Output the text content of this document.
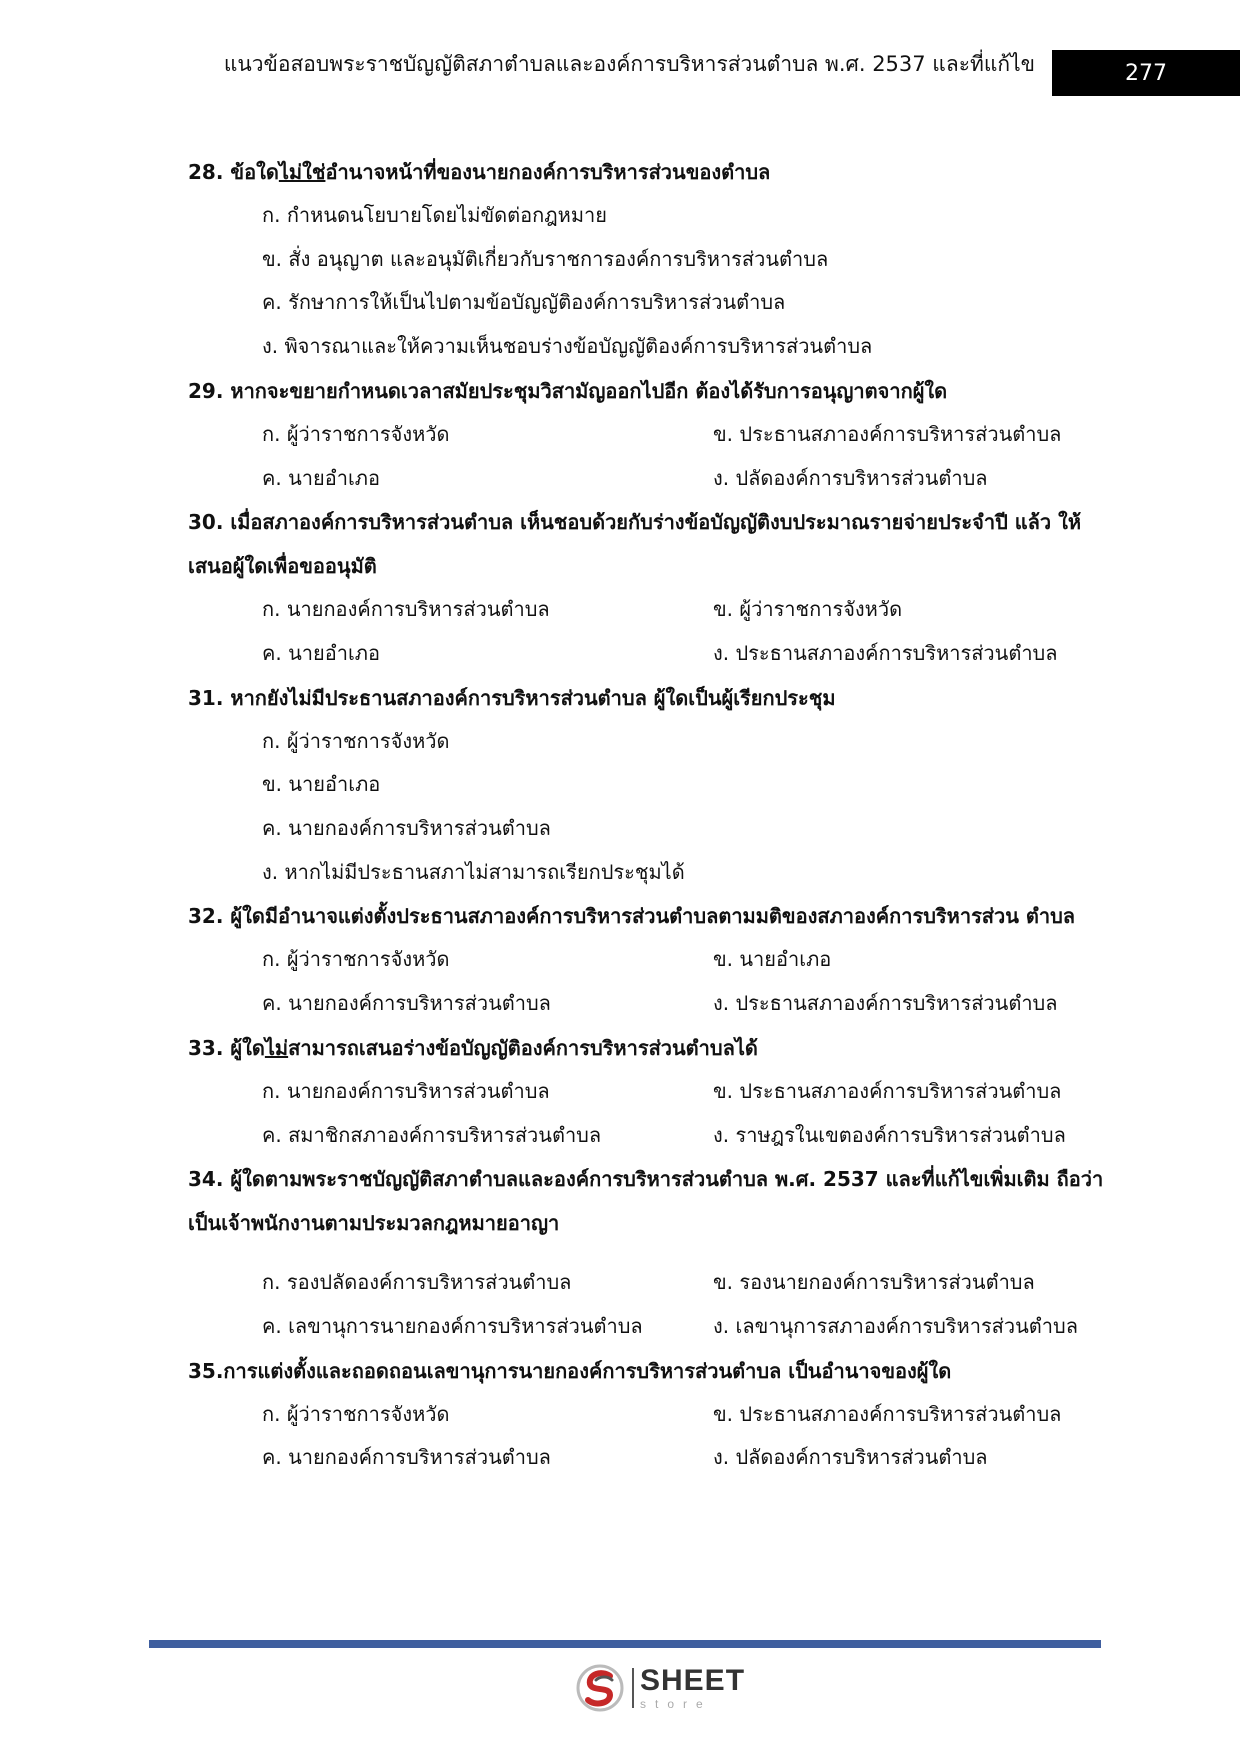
แนวข้อสอบพระราชบัญญัติสภาตำบลและองค์การบริหารส่วนตำบล พ.ศ. 2537 และที่แก้ไข	277
28. ข้อใดไม่ใช่อำนาจหน้าที่ของนายกองค์การบริหารส่วนของตำบล
ก. กำหนดนโยบายโดยไม่ขัดต่อกฎหมาย
ข. สั่ง อนุญาต และอนุมัติเกี่ยวกับราชการองค์การบริหารส่วนตำบล
ค. รักษาการให้เป็นไปตามข้อบัญญัติองค์การบริหารส่วนตำบล
ง. พิจารณาและให้ความเห็นชอบร่างข้อบัญญัติองค์การบริหารส่วนตำบล
29. หากจะขยายกำหนดเวลาสมัยประชุมวิสามัญออกไปอีก ต้องได้รับการอนุญาตจากผู้ใด
ก. ผู้ว่าราชการจังหวัด	ข. ประธานสภาองค์การบริหารส่วนตำบล
ค. นายอำเภอ	ง. ปลัดองค์การบริหารส่วนตำบล
30. เมื่อสภาองค์การบริหารส่วนตำบล เห็นชอบด้วยกับร่างข้อบัญญัติงบประมาณรายจ่ายประจำปี แล้ว ให้เสนอผู้ใดเพื่อขออนุมัติ
ก. นายกองค์การบริหารส่วนตำบล	ข. ผู้ว่าราชการจังหวัด
ค. นายอำเภอ	ง. ประธานสภาองค์การบริหารส่วนตำบล
31. หากยังไม่มีประธานสภาองค์การบริหารส่วนตำบล ผู้ใดเป็นผู้เรียกประชุม
ก. ผู้ว่าราชการจังหวัด
ข. นายอำเภอ
ค. นายกองค์การบริหารส่วนตำบล
ง. หากไม่มีประธานสภาไม่สามารถเรียกประชุมได้
32. ผู้ใดมีอำนาจแต่งตั้งประธานสภาองค์การบริหารส่วนตำบลตามมติของสภาองค์การบริหารส่วน ตำบล
ก. ผู้ว่าราชการจังหวัด	ข. นายอำเภอ
ค. นายกองค์การบริหารส่วนตำบล	ง. ประธานสภาองค์การบริหารส่วนตำบล
33. ผู้ใดไม่สามารถเสนอร่างข้อบัญญัติองค์การบริหารส่วนตำบลได้
ก. นายกองค์การบริหารส่วนตำบล	ข. ประธานสภาองค์การบริหารส่วนตำบล
ค. สมาชิกสภาองค์การบริหารส่วนตำบล	ง. ราษฎรในเขตองค์การบริหารส่วนตำบล
34. ผู้ใดตามพระราชบัญญัติสภาตำบลและองค์การบริหารส่วนตำบล พ.ศ. 2537 และที่แก้ไขเพิ่มเติม ถือว่าเป็นเจ้าพนักงานตามประมวลกฎหมายอาญา
ก. รองปลัดองค์การบริหารส่วนตำบล	ข. รองนายกองค์การบริหารส่วนตำบล
ค. เลขานุการนายกองค์การบริหารส่วนตำบล	ง. เลขานุการสภาองค์การบริหารส่วนตำบล
35.การแต่งตั้งและถอดถอนเลขานุการนายกองค์การบริหารส่วนตำบล เป็นอำนาจของผู้ใด
ก. ผู้ว่าราชการจังหวัด	ข. ประธานสภาองค์การบริหารส่วนตำบล
ค. นายกองค์การบริหารส่วนตำบล	ง. ปลัดองค์การบริหารส่วนตำบล
SHEET
store
